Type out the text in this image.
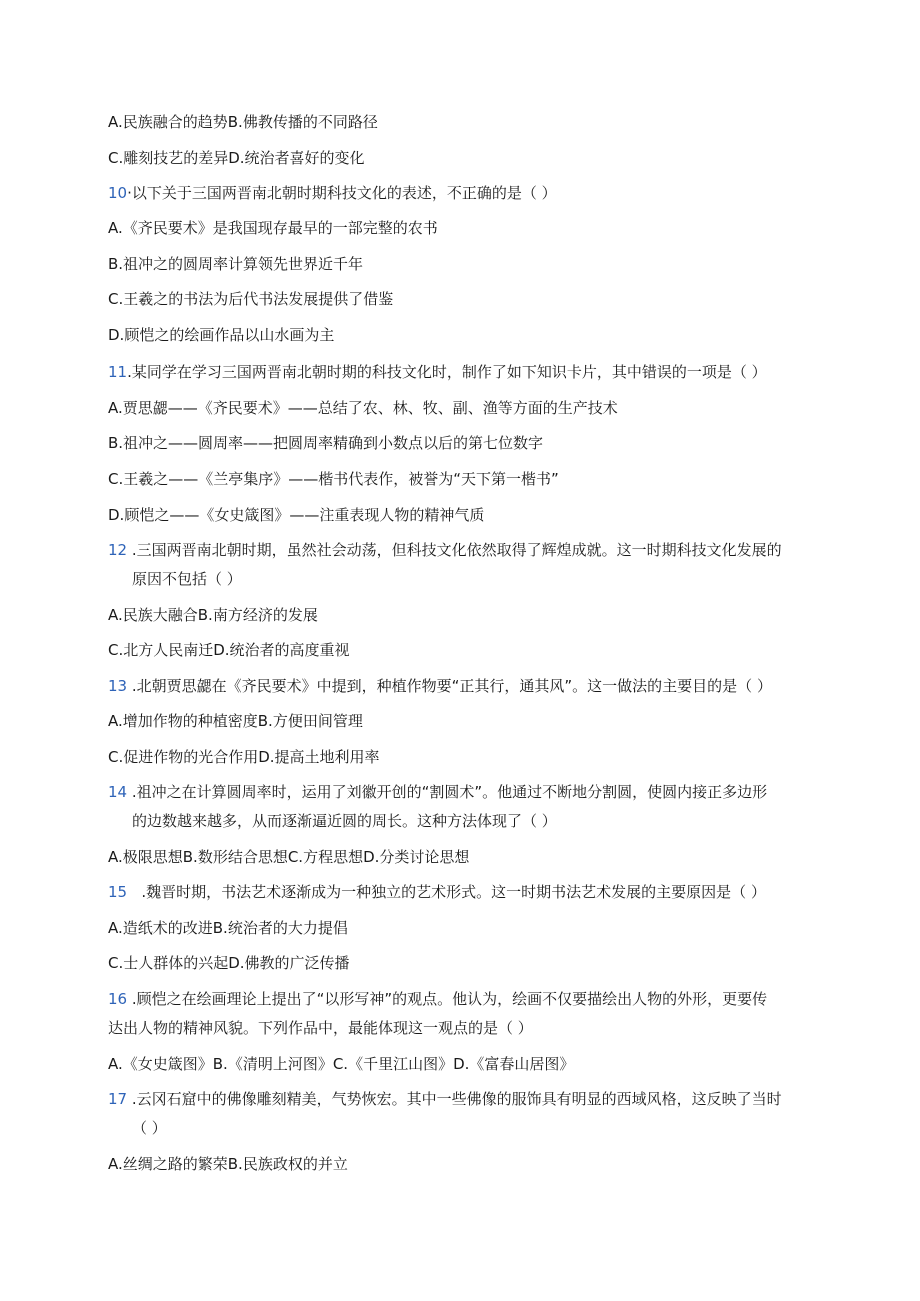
A.民族融合的趋势B.佛教传播的不同路径
C.雕刻技艺的差异D.统治者喜好的变化
10·以下关于三国两晋南北朝时期科技文化的表述，不正确的是（ ）
A.《齐民要术》是我国现存最早的一部完整的农书
B.祖冲之的圆周率计算领先世界近千年
C.王羲之的书法为后代书法发展提供了借鉴
D.顾恺之的绘画作品以山水画为主
11.某同学在学习三国两晋南北朝时期的科技文化时，制作了如下知识卡片，其中错误的一项是（ ）
A.贾思勰——《齐民要术》——总结了农、林、牧、副、渔等方面的生产技术
B.祖冲之——圆周率——把圆周率精确到小数点以后的第七位数字
C.王羲之——《兰亭集序》——楷书代表作，被誉为“天下第一楷书”
D.顾恺之——《女史箴图》——注重表现人物的精神气质
12 .三国两晋南北朝时期，虽然社会动荡，但科技文化依然取得了辉煌成就。这一时期科技文化发展的
原因不包括（ ）
A.民族大融合B.南方经济的发展
C.北方人民南迁D.统治者的高度重视
13 .北朝贾思勰在《齐民要术》中提到，种植作物要“正其行，通其风”。这一做法的主要目的是（ ）
A.增加作物的种植密度B.方便田间管理
C.促进作物的光合作用D.提高土地利用率
14 .祖冲之在计算圆周率时，运用了刘徽开创的“割圆术”。他通过不断地分割圆，使圆内接正多边形
的边数越来越多，从而逐渐逼近圆的周长。这种方法体现了（ ）
A.极限思想B.数形结合思想C.方程思想D.分类讨论思想
15   .魏晋时期，书法艺术逐渐成为一种独立的艺术形式。这一时期书法艺术发展的主要原因是（ ）
A.造纸术的改进B.统治者的大力提倡
C.士人群体的兴起D.佛教的广泛传播
16 .顾恺之在绘画理论上提出了“以形写神”的观点。他认为，绘画不仅要描绘出人物的外形，更要传
达出人物的精神风貌。下列作品中，最能体现这一观点的是（ ）
A.《女史箴图》B.《清明上河图》C.《千里江山图》D.《富春山居图》
17 .云冈石窟中的佛像雕刻精美，气势恢宏。其中一些佛像的服饰具有明显的西域风格，这反映了当时
（ ）
A.丝绸之路的繁荣B.民族政权的并立
